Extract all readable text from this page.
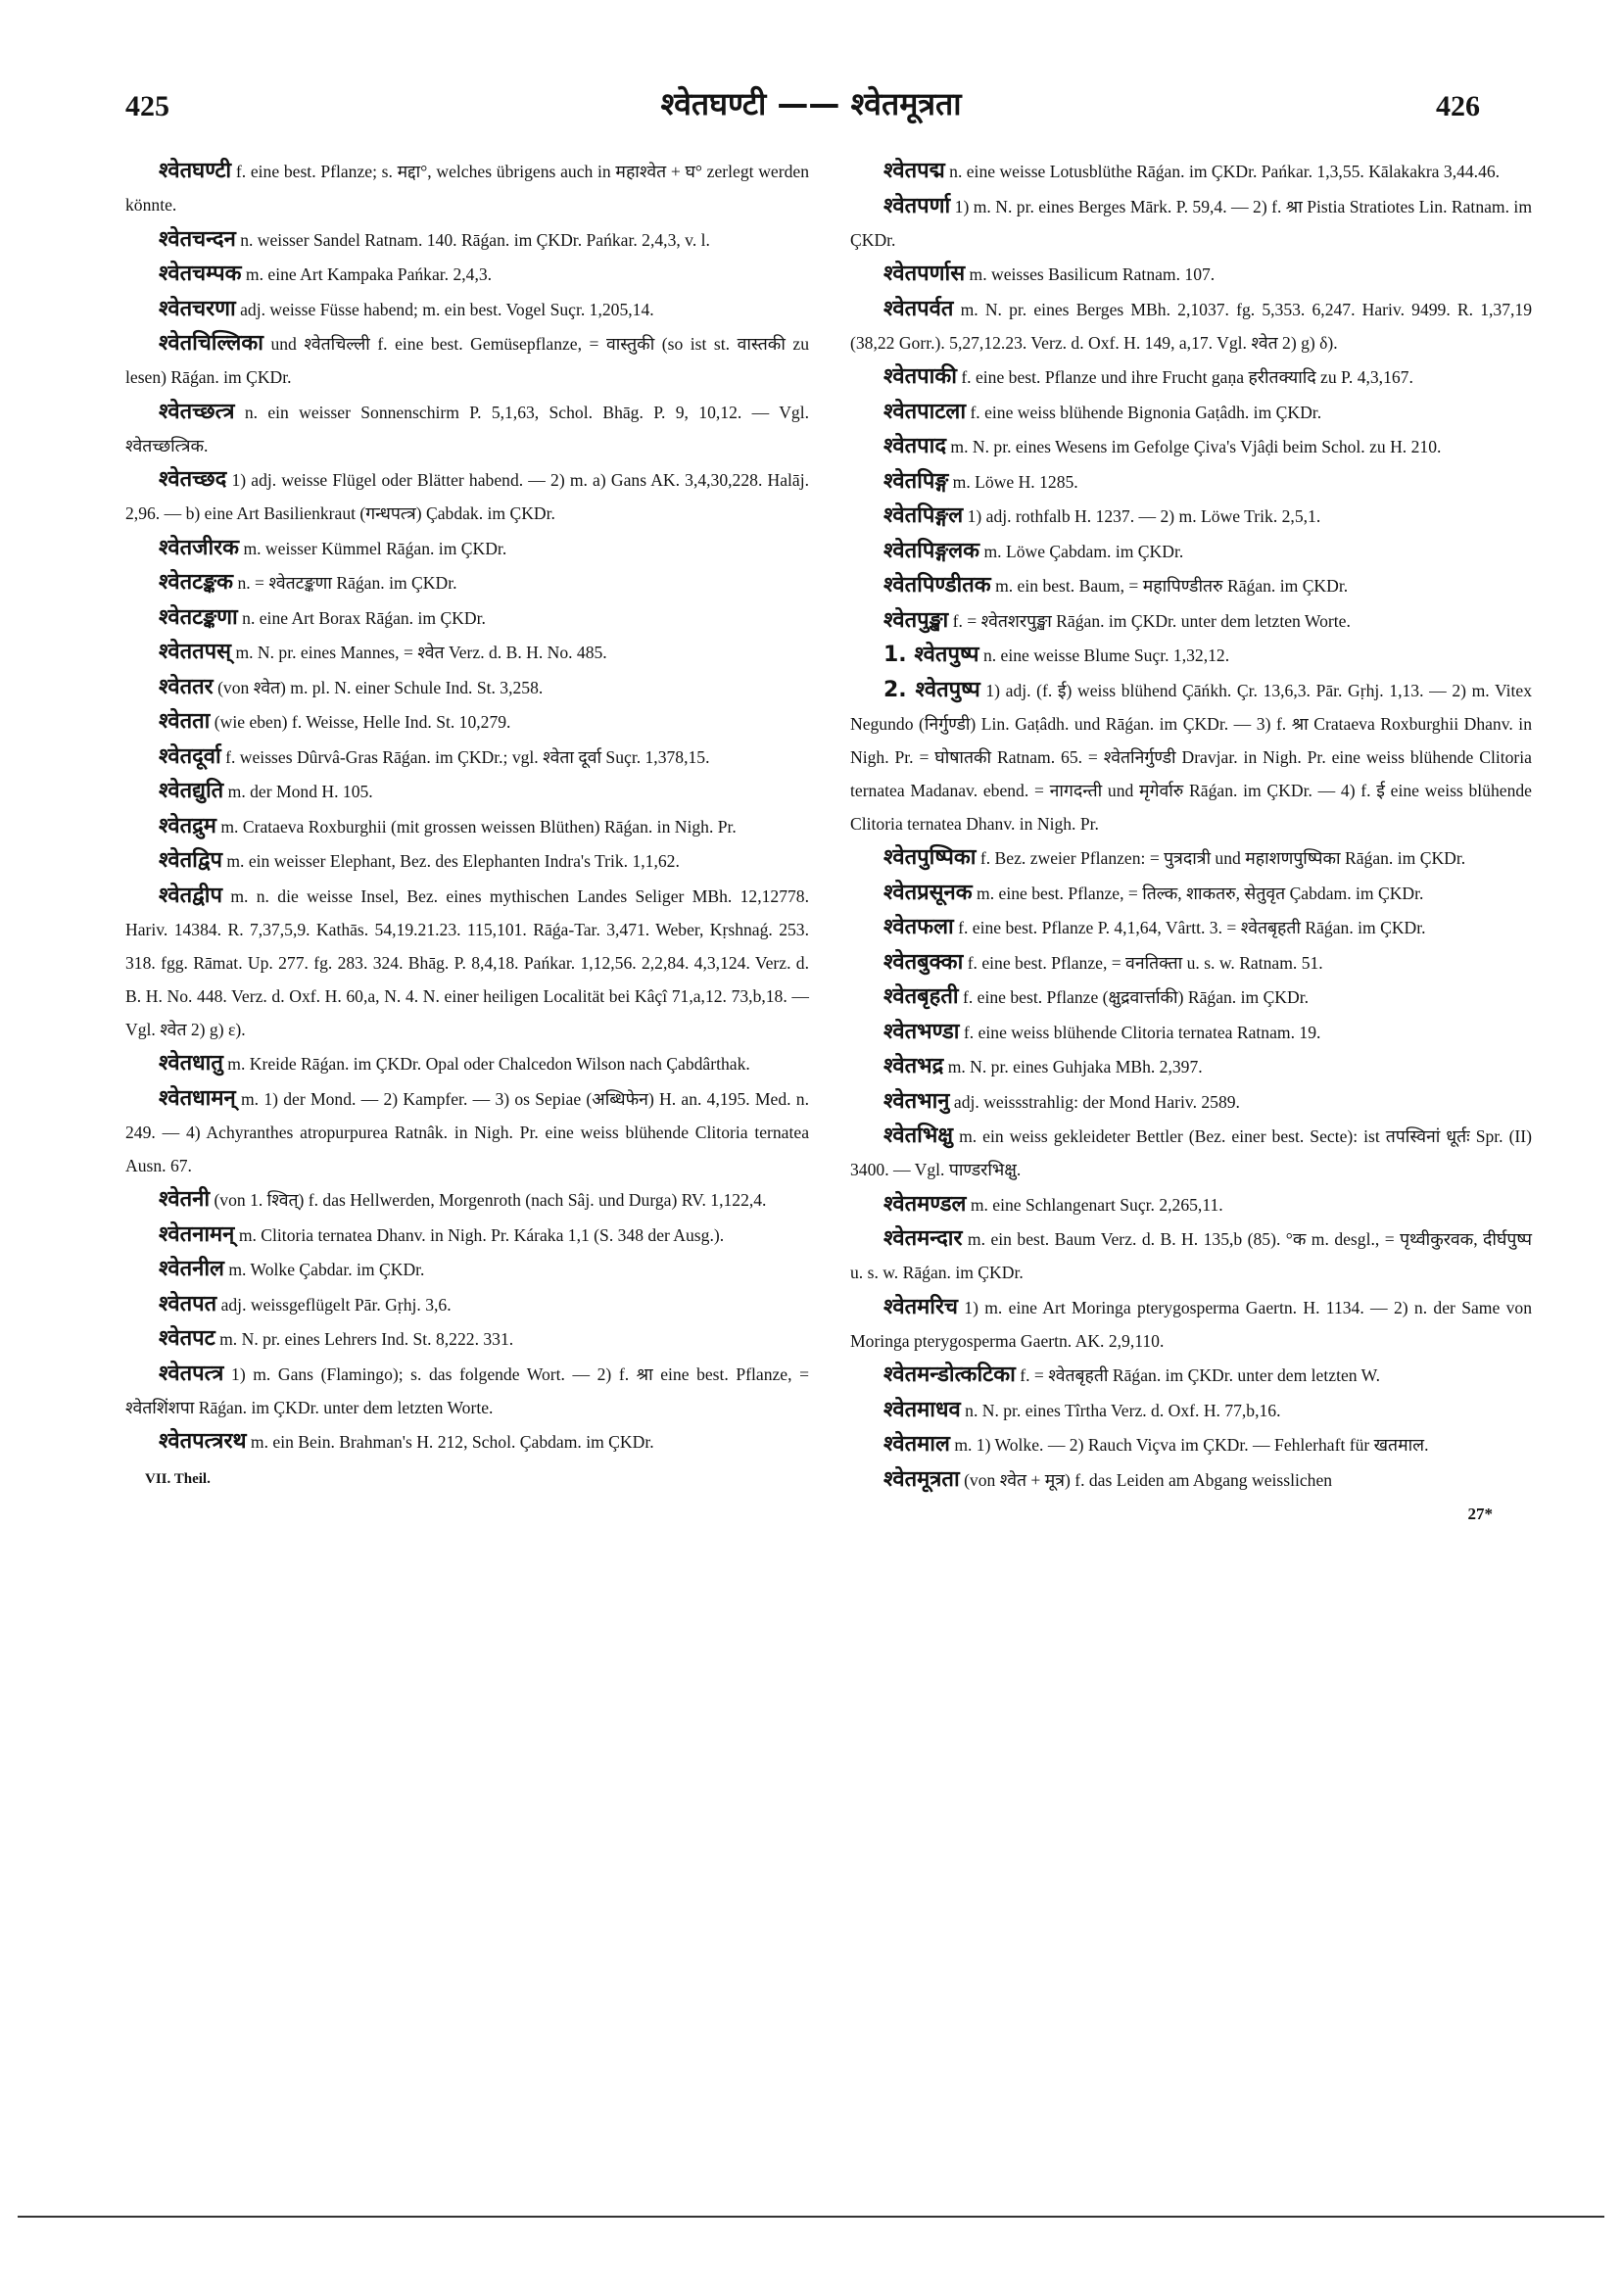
425	श्वेतघण्टी —— श्वेतमूत्रता	426

श्वेतघण्टी f. eine best. Pflanze; s. मद्दा°, welches übrigens auch in महाश्वेत + घ° zerlegt werden könnte.

श्वेतचन्दन n. weisser Sandel Ratnam. 140. Rāǵan. im ÇKDr. Pańkar. 2,4,3, v. l.

श्वेतचम्पक m. eine Art Kampaka Pańkar. 2,4,3.

श्वेतचरणा adj. weisse Füsse habend; m. ein best. Vogel Suçr. 1,205,14.

श्वेतचिल्लिका und श्वेतचिल्ली f. eine best. Gemüsepflanze, = वास्तुकी (so ist st. वास्तकी zu lesen) Rāǵan. im ÇKDr.

श्वेतच्छत्त्र n. ein weisser Sonnenschirm P. 5,1,63, Schol. Bhāg. P. 9, 10,12. — Vgl. श्वेतच्छत्त्रिक.

श्वेतच्छद 1) adj. weisse Flügel oder Blätter habend. — 2) m. a) Gans AK. 3,4,30,228. Halāj. 2,96. — b) eine Art Basilienkraut (गन्धपत्त्र) Çabdak. im ÇKDr.

श्वेतजीरक m. weisser Kümmel Rāǵan. im ÇKDr.

श्वेतटङ्कक n. = श्वेतटङ्कणा Rāǵan. im ÇKDr.

श्वेतटङ्कणा n. eine Art Borax Rāǵan. im ÇKDr.

श्वेततपस् m. N. pr. eines Mannes, = श्वेत Verz. d. B. H. No. 485.

श्वेततर (von श्वेत) m. pl. N. einer Schule Ind. St. 3,258.

श्वेतता (wie eben) f. Weisse, Helle Ind. St. 10,279.

श्वेतदूर्वा f. weisses Dûrvâ-Gras Rāǵan. im ÇKDr.; vgl. श्वेता दूर्वा Suçr. 1,378,15.

श्वेतद्युति m. der Mond H. 105.

श्वेतद्रुम m. Crataeva Roxburghii (mit grossen weissen Blüthen) Rāǵan. in Nigh. Pr.

श्वेतद्विप m. ein weisser Elephant, Bez. des Elephanten Indra's Trik. 1,1,62.

श्वेतद्वीप m. n. die weisse Insel, Bez. eines mythischen Landes Seliger MBh. 12,12778. Hariv. 14384. R. 7,37,5,9. Kathās. 54,19.21.23. 115,101. Rāǵa-Tar. 3,471. Weber, Kṛshnaǵ. 253. 318. fgg. Rāmat. Up. 277. fg. 283. 324. Bhāg. P. 8,4,18. Pańkar. 1,12,56. 2,2,84. 4,3,124. Verz. d. B. H. No. 448. Verz. d. Oxf. H. 60,a, N. 4. N. einer heiligen Localität bei Kâçî 71,a,12. 73,b,18. — Vgl. श्वेत 2) g) ε).

श्वेतधातु m. Kreide Rāǵan. im ÇKDr. Opal oder Chalcedon Wilson nach Çabdârthak.

श्वेतधामन् m. 1) der Mond. — 2) Kampfer. — 3) os Sepiae (अब्धिफेन) H. an. 4,195. Med. n. 249. — 4) Achyranthes atropurpurea Ratnâk. in Nigh. Pr. eine weiss blühende Clitoria ternatea Ausn. 67.

श्वेतनी (von 1. श्वित्) f. das Hellwerden, Morgenroth (nach Sâj. und Durga) RV. 1,122,4.

श्वेतनामन् m. Clitoria ternatea Dhanv. in Nigh. Pr. Káraka 1,1 (S. 348 der Ausg.).

श्वेतनील m. Wolke Çabdar. im ÇKDr.

श्वेतपत adj. weissgeflügelt Pār. Gṛhj. 3,6.

श्वेतपट m. N. pr. eines Lehrers Ind. St. 8,222. 331.

श्वेतपत्त्र 1) m. Gans (Flamingo); s. das folgende Wort. — 2) f. श्रा eine best. Pflanze, = श्वेतशिंशपा Rāǵan. im ÇKDr. unter dem letzten Worte.

श्वेतपत्त्ररथ m. ein Bein. Brahman's H. 212, Schol. Çabdam. im ÇKDr.

VII. Theil.

श्वेतपद्म n. eine weisse Lotusblüthe Rāǵan. im ÇKDr. Pańkar. 1,3,55. Kālakakra 3,44.46.

श्वेतपर्णा 1) m. N. pr. eines Berges Mārk. P. 59,4. — 2) f. श्रा Pistia Stratiotes Lin. Ratnam. im ÇKDr.

श्वेतपर्णास m. weisses Basilicum Ratnam. 107.

श्वेतपर्वत m. N. pr. eines Berges MBh. 2,1037. fg. 5,353. 6,247. Hariv. 9499. R. 1,37,19 (38,22 Gorr.). 5,27,12.23. Verz. d. Oxf. H. 149, a,17. Vgl. श्वेत 2) g) δ).

श्वेतपाकी f. eine best. Pflanze und ihre Frucht gaṇa हरीतक्यादि zu P. 4,3,167.

श्वेतपाटला f. eine weiss blühende Bignonia Gaṭâdh. im ÇKDr.

श्वेतपाद m. N. pr. eines Wesens im Gefolge Çiva's Vjâḍi beim Schol. zu H. 210.

श्वेतपिङ्ग m. Löwe H. 1285.

श्वेतपिङ्गल 1) adj. rothfalb H. 1237. — 2) m. Löwe Trik. 2,5,1.

श्वेतपिङ्गलक m. Löwe Çabdam. im ÇKDr.

श्वेतपिण्डीतक m. ein best. Baum, = महापिण्डीतरु Rāǵan. im ÇKDr.

श्वेतपुङ्खा f. = श्वेतशरपुङ्खा Rāǵan. im ÇKDr. unter dem letzten Worte.

1. श्वेतपुष्प n. eine weisse Blume Suçr. 1,32,12.

2. श्वेतपुष्प 1) adj. (f. ई) weiss blühend Çāńkh. Çr. 13,6,3. Pār. Gṛhj. 1,13. — 2) m. Vitex Negundo (निर्गुण्डी) Lin. Gaṭâdh. und Rāǵan. im ÇKDr. — 3) f. श्रा Crataeva Roxburghii Dhanv. in Nigh. Pr. = घोषातकी Ratnam. 65. = श्वेतनिर्गुण्डी Dravjar. in Nigh. Pr. eine weiss blühende Clitoria ternatea Madanav. ebend. = नागदन्ती und मृगेर्वारु Rāǵan. im ÇKDr. — 4) f. ई eine weiss blühende Clitoria ternatea Dhanv. in Nigh. Pr.

श्वेतपुष्पिका f. Bez. zweier Pflanzen: = पुत्रदात्री und महाशणपुष्पिका Rāǵan. im ÇKDr.

श्वेतप्रसूनक m. eine best. Pflanze, = तिल्क, शाकतरु, सेतुवृत Çabdam. im ÇKDr.

श्वेतफला f. eine best. Pflanze P. 4,1,64, Vârtt. 3. = श्वेतबृहती Rāǵan. im ÇKDr.

श्वेतबुक्का f. eine best. Pflanze, = वनतिक्ता u. s. w. Ratnam. 51.

श्वेतबृहती f. eine best. Pflanze (क्षुद्रवार्त्ताकी) Rāǵan. im ÇKDr.

श्वेतभण्डा f. eine weiss blühende Clitoria ternatea Ratnam. 19.

श्वेतभद्र m. N. pr. eines Guhjaka MBh. 2,397.

श्वेतभानु adj. weissstrahlig: der Mond Hariv. 2589.

श्वेतभिक्षु m. ein weiss gekleideter Bettler (Bez. einer best. Secte): ist तपस्विनां धूर्तः Spr. (II) 3400. — Vgl. पाण्डरभिक्षु.

श्वेतमण्डल m. eine Schlangenart Suçr. 2,265,11.

श्वेतमन्दार m. ein best. Baum Verz. d. B. H. 135,b (85). °क m. desgl., = पृथ्वीकुरवक, दीर्घपुष्प u. s. w. Rāǵan. im ÇKDr.

श्वेतमरिच 1) m. eine Art Moringa pterygosperma Gaertn. H. 1134. — 2) n. der Same von Moringa pterygosperma Gaertn. AK. 2,9,110.

श्वेतमन्डोत्कटिका f. = श्वेतबृहती Rāǵan. im ÇKDr. unter dem letzten W.

श्वेतमाधव n. N. pr. eines Tîrtha Verz. d. Oxf. H. 77,b,16.

श्वेतमाल m. 1) Wolke. — 2) Rauch Viçva im ÇKDr. — Fehlerhaft für खतमाल.

श्वेतमूत्रता (von श्वेत + मूत्र) f. das Leiden am Abgang weisslichen

27*
